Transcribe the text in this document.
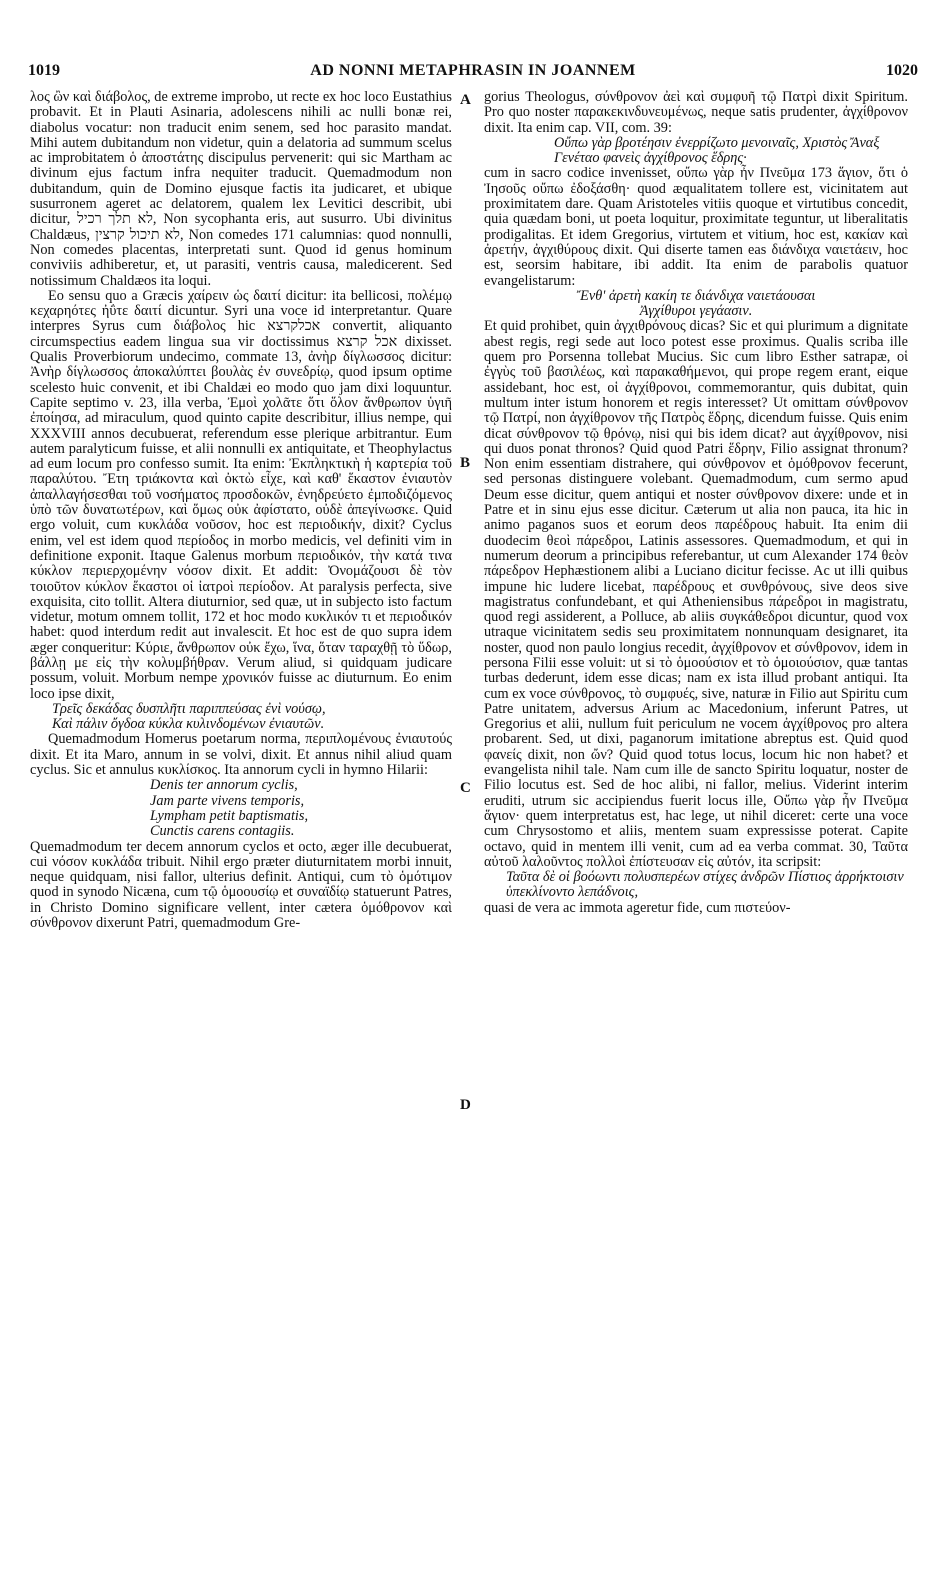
1019	AD NONNI METAPHRASIN IN JOANNEM	1020
A
B
C
D

λος ὢν καὶ διάβολος, de extreme improbo, ut recte ex hoc loco Eustathius probavit. Et in Plauti Asinaria, adolescens nihili ac nulli bonæ rei, diabolus vocatur: non traducit enim senem, sed hoc parasito mandat. Mihi autem dubitandum non videtur, quin a delatoria ad summum scelus ac improbitatem ὁ ἀποστάτης discipulus pervenerit: qui sic Martham ac divinum ejus factum infra nequiter traducit. Quemadmodum non dubitandum, quin de Domino ejusque factis ita judicaret, et ubique susurronem ageret ac delatorem, qualem lex Levitici describit, ubi dicitur, לא תלך רכיל, Non sycophanta eris, aut susurro. Ubi divinitus Chaldæus, לא תיכול קרצין, Non comedes 171 calumnias: quod nonnulli, Non comedes placentas, interpretati sunt. Quod id genus hominum conviviis adhiberetur, et, ut parasiti, ventris causa, maledicerent. Sed notissimum Chaldæos ita loqui.

Eo sensu quo a Græcis χαίρειν ὡς δαιτί dicitur: ita bellicosi, πολέμῳ κεχαρηότες ἠΰτε δαιτί dicuntur. Syri una voce id interpretantur. Quare interpres Syrus cum διάβολος hic אכלקרצא convertit, aliquanto circumspectius eadem lingua sua vir doctissimus אכל קרצא dixisset. Qualis Proverbiorum undecimo, commate 13, ἀνὴρ δίγλωσσος dicitur: Ἀνὴρ δίγλωσσος ἀποκαλύπτει βουλὰς ἐν συνεδρίῳ, quod ipsum optime scelesto huic convenit, et ibi Chaldæi eo modo quo jam dixi loquuntur. Capite septimo v. 23, illa verba, Ἐμοὶ χολᾶτε ὅτι ὅλον ἄνθρωπον ὑγιῆ ἐποίησα, ad miraculum, quod quinto capite describitur, illius nempe, qui XXXVIII annos decubuerat, referendum esse plerique arbitrantur. Eum autem paralyticum fuisse, et alii nonnulli ex antiquitate, et Theophylactus ad eum locum pro confesso sumit. Ita enim: Ἐκπληκτικὴ ἡ καρτερία τοῦ παραλύτου. Ἔτη τριάκοντα καὶ ὀκτὼ εἶχε, καὶ καθ' ἕκαστον ἐνιαυτὸν ἀπαλλαγήσεσθαι τοῦ νοσήματος προσδοκῶν, ἐνηδρεύετο ἐμποδιζόμενος ὑπὸ τῶν δυνατωτέρων, καὶ ὅμως οὐκ ἀφίστατο, οὐδὲ ἀπεγίνωσκε. Quid ergo voluit, cum κυκλάδα νοῦσον, hoc est περιοδικήν, dixit? Cyclus enim, vel est idem quod περίοδος in morbo medicis, vel definiti vim in definitione exponit. Itaque Galenus morbum περιοδικόν, τὴν κατά τινα κύκλον περιερχομένην νόσον dixit. Et addit: Ὀνομάζουσι δὲ τὸν τοιοῦτον κύκλον ἕκαστοι οἱ ἰατροὶ περίοδον. At paralysis perfecta, sive exquisita, cito tollit. Altera diuturnior, sed quæ, ut in subjecto isto factum videtur, motum omnem tollit, 172 et hoc modo κυκλικόν τι et περιοδικόν habet: quod interdum redit aut invalescit. Et hoc est de quo supra idem æger conqueritur: Κύριε, ἄνθρωπον οὐκ ἔχω, ἵνα, ὅταν ταραχθῇ τὸ ὕδωρ, βάλλῃ με εἰς τὴν κολυμβήθραν. Verum aliud, si quidquam judicare possum, voluit. Morbum nempe χρονικόν fuisse ac diuturnum. Eo enim loco ipse dixit,

Τρεῖς δεκάδας δυσπλῆτι παριππεύσας ἐνὶ νούσῳ,

Καὶ πάλιν ὄγδοα κύκλα κυλινδομένων ἐνιαυτῶν.

Quemadmodum Homerus poetarum norma, περιπλομένους ἐνιαυτούς dixit. Et ita Maro, annum in se volvi, dixit. Et annus nihil aliud quam cyclus. Sic et annulus κυκλίσκος. Ita annorum cycli in hymno Hilarii:

Denis ter annorum cyclis,

Jam parte vivens temporis,

Lympham petit baptismatis,

Cunctis carens contagiis.

Quemadmodum ter decem annorum cyclos et octo, æger ille decubuerat, cui νόσον κυκλάδα tribuit. Nihil ergo præter diuturnitatem morbi innuit, neque quidquam, nisi fallor, ulterius definit. Antiqui, cum τὸ ὁμότιμον quod in synodo Nicæna, cum τῷ ὁμοουσίῳ et συναϊδίῳ statuerunt Patres, in Christo Domino significare vellent, inter cætera ὁμόθρονον καὶ σύνθρονον dixerunt Patri, quemadmodum Gre-

gorius Theologus, σύνθρονον ἀεὶ καὶ συμφυῆ τῷ Πατρὶ dixit Spiritum. Pro quo noster παρακεκινδυνευμένως, neque satis prudenter, ἀγχίθρονον dixit. Ita enim cap. VII, com. 39:

Οὔπω γὰρ βροτέησιν ἐνερρίζωτο μενοιναῖς, Χριστὸς Ἄναξ Γενέταο φανεὶς ἀγχίθρονος ἕδρης·

cum in sacro codice invenisset, οὔπω γὰρ ἦν Πνεῦμα 173 ἅγιον, ὅτι ὁ Ἰησοῦς οὔπω ἐδοξάσθη· quod æqualitatem tollere est, vicinitatem aut proximitatem dare. Quam Aristoteles vitiis quoque et virtutibus concedit, quia quædam boni, ut poeta loquitur, proximitate teguntur, ut liberalitatis prodigalitas. Et idem Gregorius, virtutem et vitium, hoc est, κακίαν καὶ ἀρετήν, ἀγχιθύρους dixit. Qui diserte tamen eas διάνδιχα ναιετάειν, hoc est, seorsim habitare, ibi addit. Ita enim de parabolis quatuor evangelistarum:

Ἔνθ' ἀρετὴ κακίη τε διάνδιχα ναιετάουσαι

Ἀγχίθυροι γεγάασιν.

Et quid prohibet, quin ἀγχιθρόνους dicas? Sic et qui plurimum a dignitate abest regis, regi sede aut loco potest esse proximus. Qualis scriba ille quem pro Porsenna tollebat Mucius. Sic cum libro Esther satrapæ, οἱ ἐγγὺς τοῦ βασιλέως, καὶ παρακαθήμενοι, qui prope regem erant, eique assidebant, hoc est, οἱ ἀγχίθρονοι, commemorantur, quis dubitat, quin multum inter istum honorem et regis interesset? Ut omittam σύνθρονον τῷ Πατρί, non ἀγχίθρονον τῆς Πατρὸς ἕδρης, dicendum fuisse. Quis enim dicat σύνθρονον τῷ θρόνῳ, nisi qui bis idem dicat? aut ἀγχίθρονον, nisi qui duos ponat thronos? Quid quod Patri ἕδρην, Filio assignat thronum? Non enim essentiam distrahere, qui σύνθρονον et ὁμόθρονον fecerunt, sed personas distinguere volebant. Quemadmodum, cum sermo apud Deum esse dicitur, quem antiqui et noster σύνθρονον dixere: unde et in Patre et in sinu ejus esse dicitur. Cæterum ut alia non pauca, ita hic in animo paganos suos et eorum deos παρέδρους habuit. Ita enim dii duodecim θεοὶ πάρεδροι, Latinis assessores. Quemadmodum, et qui in numerum deorum a principibus referebantur, ut cum Alexander 174 θεὸν πάρεδρον Hephæstionem alibi a Luciano dicitur fecisse. Ac ut illi quibus impune hic ludere licebat, παρέδρους et συνθρόνους, sive deos sive magistratus confundebant, et qui Atheniensibus πάρεδροι in magistratu, quod regi assiderent, a Polluce, ab aliis συγκάθεδροι dicuntur, quod vox utraque vicinitatem sedis seu proximitatem nonnunquam designaret, ita noster, quod non paulo longius recedit, ἀγχίθρονον et σύνθρονον, idem in persona Filii esse voluit: ut si τὸ ὁμοούσιον et τὸ ὁμοιούσιον, quæ tantas turbas dederunt, idem esse dicas; nam ex ista illud probant antiqui. Ita cum ex voce σύνθρονος, τὸ συμφυές, sive, naturæ in Filio aut Spiritu cum Patre unitatem, adversus Arium ac Macedonium, inferunt Patres, ut Gregorius et alii, nullum fuit periculum ne vocem ἀγχίθρονος pro altera probarent. Sed, ut dixi, paganorum imitatione abreptus est. Quid quod φανείς dixit, non ὤν? Quid quod totus locus, locum hic non habet? et evangelista nihil tale. Nam cum ille de sancto Spiritu loquatur, noster de Filio locutus est. Sed de hoc alibi, ni fallor, melius. Viderint interim eruditi, utrum sic accipiendus fuerit locus ille, Οὔπω γὰρ ἦν Πνεῦμα ἅγιον· quem interpretatus est, hac lege, ut nihil diceret: certe una voce cum Chrysostomo et aliis, mentem suam expressisse poterat. Capite octavo, quid in mentem illi venit, cum ad ea verba commat. 30, Ταῦτα αὐτοῦ λαλοῦντος πολλοὶ ἐπίστευσαν εἰς αὐτόν, ita scripsit:

Ταῦτα δὲ οἱ βοόωντι πολυσπερέων στίχες ἀνδρῶν Πίστιος ἀρρήκτοισιν ὑπεκλίνοντο λεπάδνοις,

quasi de vera ac immota ageretur fide, cum πιστεύον-
